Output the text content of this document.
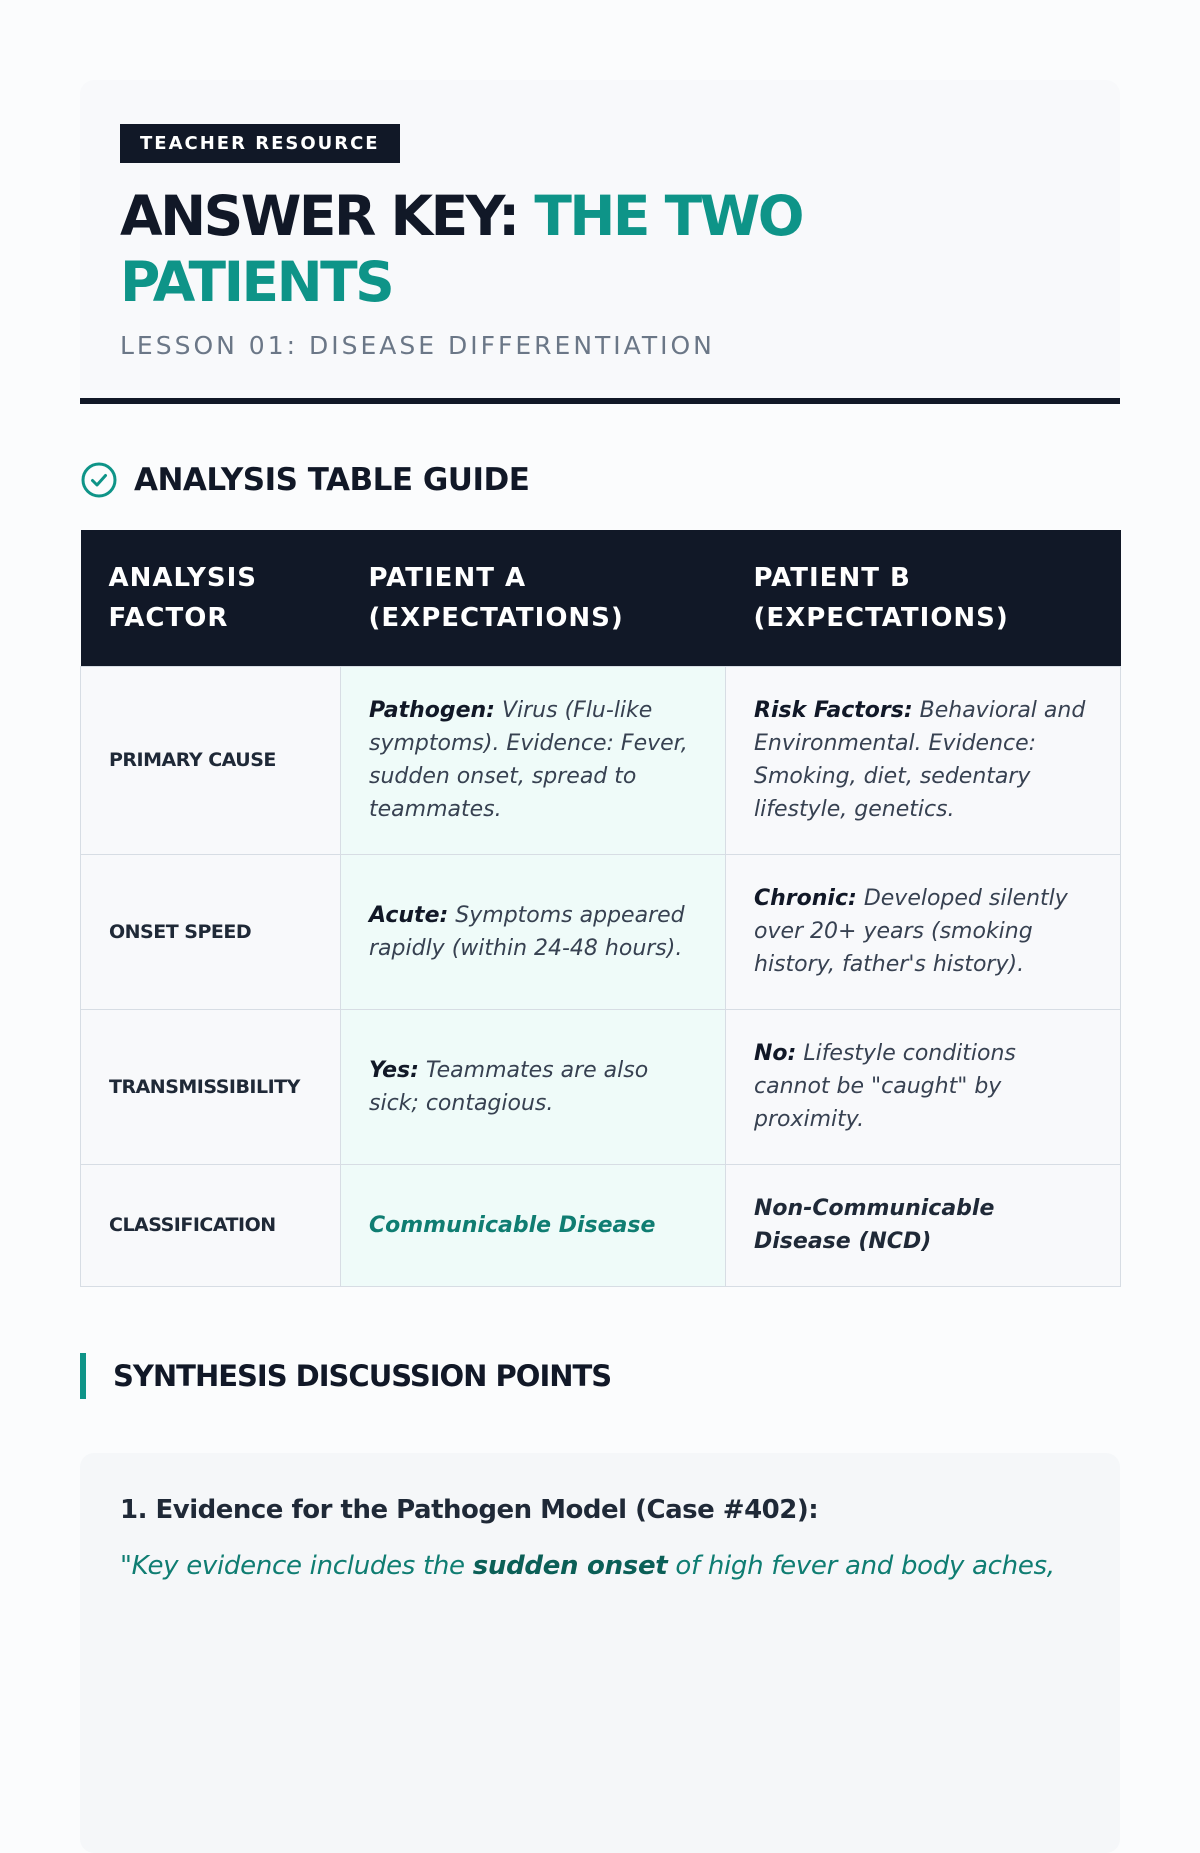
TEACHER RESOURCE
ANSWER KEY: THE TWO PATIENTS
LESSON 01: DISEASE DIFFERENTIATION
ANALYSIS TABLE GUIDE
ANALYSIS FACTOR	PATIENT A (EXPECTATIONS)	PATIENT B (EXPECTATIONS)
PRIMARY CAUSE	Pathogen: Virus (Flu-like symptoms). Evidence: Fever, sudden onset, spread to teammates.	Risk Factors: Behavioral and Environmental. Evidence: Smoking, diet, sedentary lifestyle, genetics.
ONSET SPEED	Acute: Symptoms appeared rapidly (within 24-48 hours).	Chronic: Developed silently over 20+ years (smoking history, father's history).
TRANSMISSIBILITY	Yes: Teammates are also sick; contagious.	No: Lifestyle conditions cannot be "caught" by proximity.
CLASSIFICATION	Communicable Disease	Non-Communicable Disease (NCD)
SYNTHESIS DISCUSSION POINTS
1. Evidence for the Pathogen Model (Case #402):
"Key evidence includes the sudden onset of high fever and body aches,
